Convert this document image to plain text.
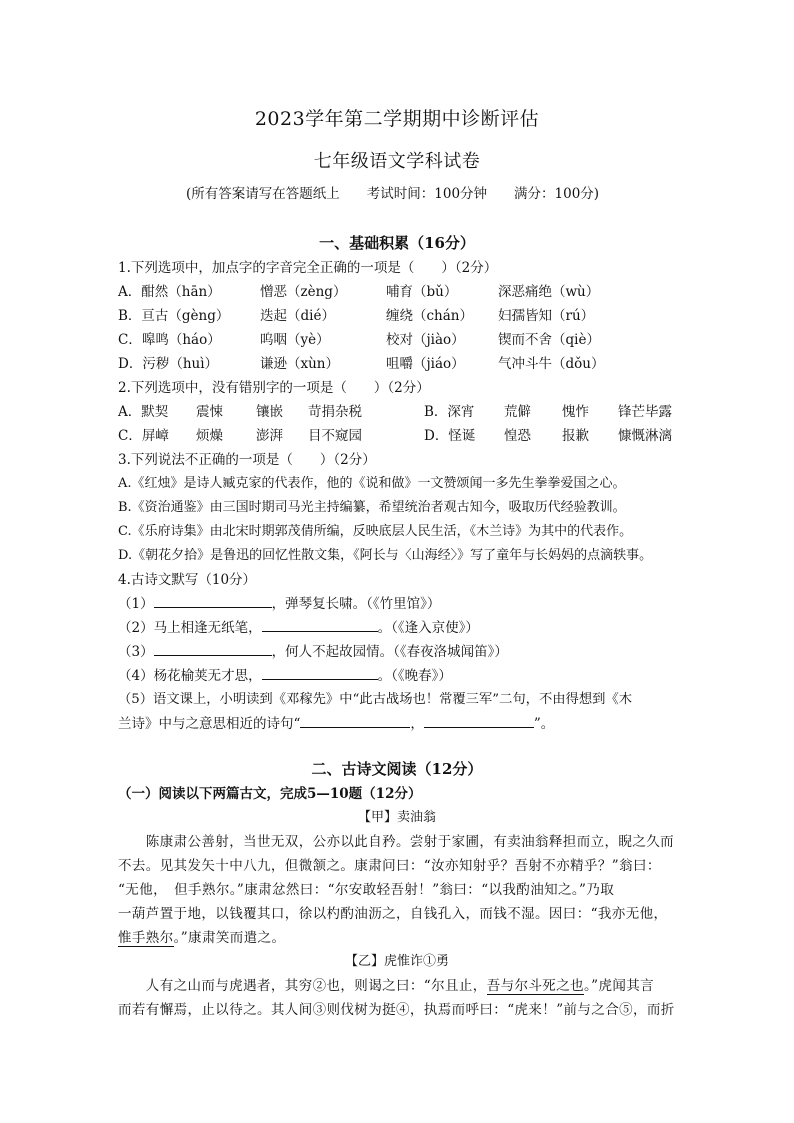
2023学年第二学期期中诊断评估
七年级语文学科试卷
(所有答案请写在答题纸上　　考试时间：100分钟　　满分：100分)
一、基础积累（16分）
1.下列选项中，加点字的字音完全正确的一项是（　　）（2分）
A．酣然（hān）	憎恶（zèng）	哺育（bǔ）	深恶痛绝（wù）
B．亘古（gèng） 迭起（dié）	缠绕（chán） 妇孺皆知（rú）
C．嗥鸣（háo）	呜咽（yè）	校对（jiào） 锲而不舍（qiè）
D．污秽（huì）	谦逊（xùn）	咀嚼（jiáo） 气冲斗牛（dǒu）
2.下列选项中，没有错别字的一项是（　　）（2分）
A．默契 震悚 镶嵌 苛捐杂税	B．深宵 荒僻 愧怍 锋芒毕露
C．屏嶂 烦燥 澎湃 目不窥园	D．怪诞 惶恐 报歉 慷慨淋漓
3.下列说法不正确的一项是（　　）（2分）
A.《红烛》是诗人臧克家的代表作，他的《说和做》一文赞颂闻一多先生拳拳爱国之心。
B.《资治通鉴》由三国时期司马光主持编纂，希望统治者观古知今，吸取历代经验教训。
C.《乐府诗集》由北宋时期郭茂倩所编，反映底层人民生活，《木兰诗》为其中的代表作。
D.《朝花夕拾》是鲁迅的回忆性散文集，《阿长与〈山海经〉》写了童年与长妈妈的点滴轶事。
4.古诗文默写（10分）
（1）	，弹琴复长啸。（《竹里馆》）
（2）马上相逢无纸笔，	。（《逢入京使》）
（3）	，何人不起故园情。（《春夜洛城闻笛》）
（4）杨花榆荚无才思，	。（《晚春》）
（5）语文课上，小明读到《邓稼先》中“此古战场也！常覆三军”二句，不由得想到《木
兰诗》中与之意思相近的诗句“	，	”。
二、古诗文阅读（12分）
（一）阅读以下两篇古文，完成5—10题（12分）
【甲】卖油翁
　　陈康肃公善射，当世无双，公亦以此自矜。尝射于家圃，有卖油翁释担而立，睨之久而
不去。见其发矢十中八九，但微颔之。康肃问曰：“汝亦知射乎？吾射不亦精乎？”翁曰：
“无他，　但手熟尔。”康肃忿然曰：“尔安敢轻吾射！”翁曰：“以我酌油知之。”乃取
一葫芦置于地，以钱覆其口，徐以杓酌油沥之，自钱孔入，而钱不湿。因曰：“我亦无他，
惟手熟尔。”康肃笑而遣之。
【乙】虎惟诈①勇
　　人有之山而与虎遇者，其穷②也，则谒之曰：“尔且止，吾与尔斗死之也。”虎闻其言
而若有懈焉，止以待之。其人间③则伐树为挺④，执焉而呼曰：“虎来！”前与之合⑤，而折
